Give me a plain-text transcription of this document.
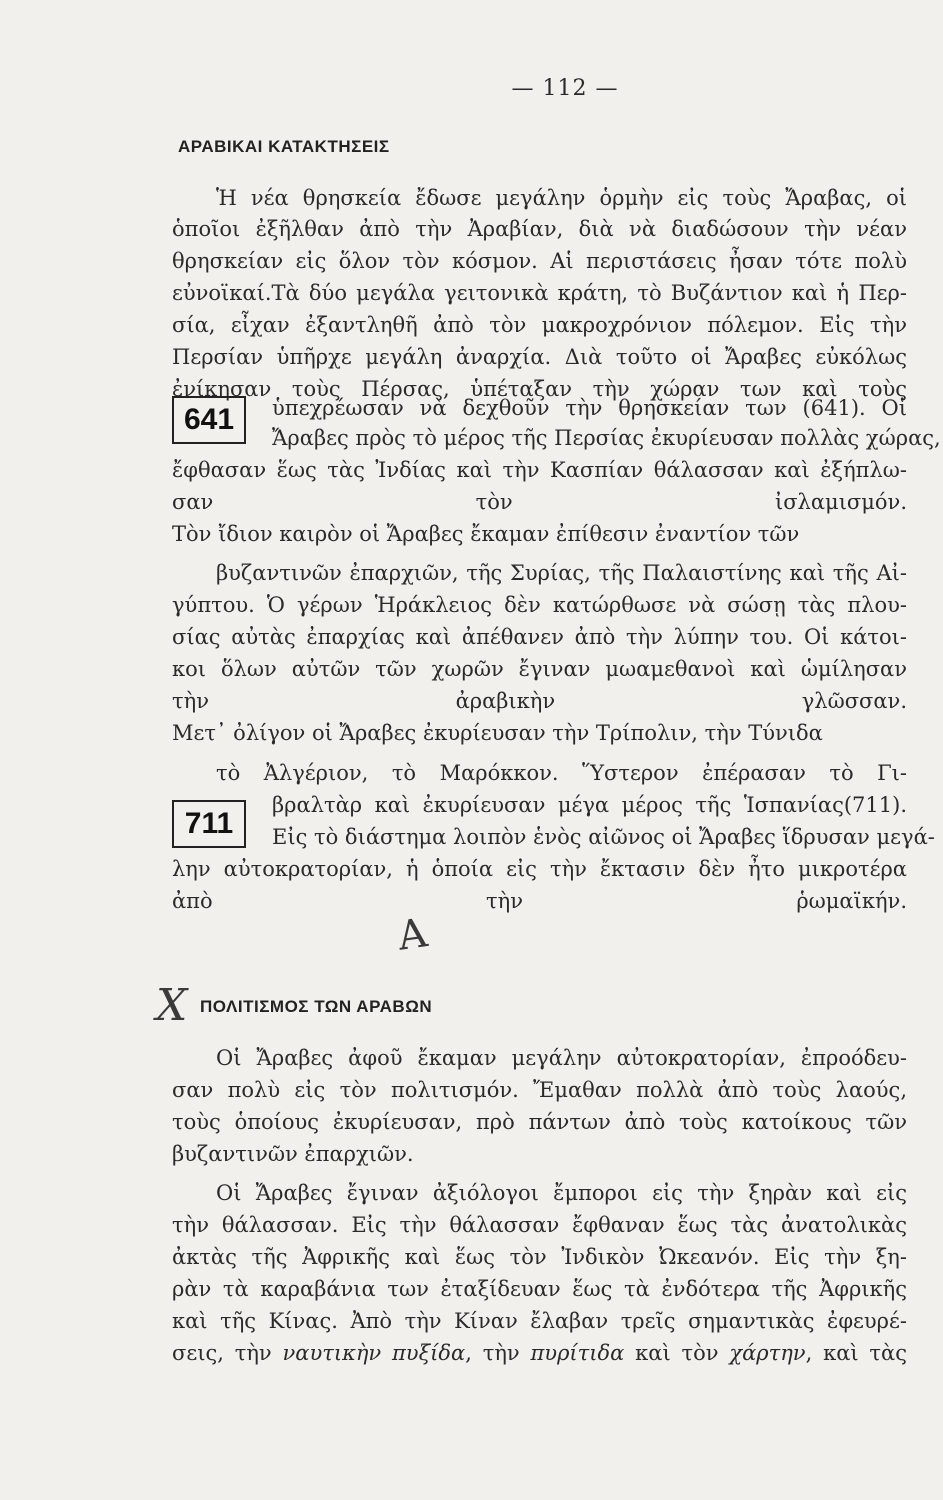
— 112 —
ΑΡΑΒΙΚΑΙ ΚΑΤΑΚΤΗΣΕΙΣ
Ἡ νέα θρησκεία ἔδωσε μεγάλην ὁρμὴν εἰς τοὺς Ἄραβας, οἱ
ὁποῖοι ἐξῆλθαν ἀπὸ τὴν Ἀραβίαν, διὰ νὰ διαδώσουν τὴν νέαν
θρησκείαν εἰς ὅλον τὸν κόσμον. Αἱ περιστάσεις ἦσαν τότε πολὺ
εὐνοϊκαί.Τὰ δύο μεγάλα γειτονικὰ κράτη, τὸ Βυζάντιον καὶ ἡ Περ-
σία, εἶχαν ἐξαντληθῆ ἀπὸ τὸν μακροχρόνιον πόλεμον. Εἰς τὴν
Περσίαν ὑπῆρχε μεγάλη ἀναρχία. Διὰ τοῦτο οἱ Ἄραβες εὐκόλως
ἐνίκησαν τοὺς Πέρσας, ὑπέταξαν τὴν χώραν των καὶ τοὺς
641	ὑπεχρέωσαν νὰ δεχθοῦν τὴν θρησκείαν των (641). Οἱ
Ἄραβες πρὸς τὸ μέρος τῆς Περσίας ἐκυρίευσαν πολλὰς χώρας,
ἔφθασαν ἕως τὰς Ἰνδίας καὶ τὴν Κασπίαν θάλασσαν καὶ ἐξήπλω-
σαν τὸν ἰσλαμισμόν.
Τὸν ἴδιον καιρὸν οἱ Ἄραβες ἔκαμαν ἐπίθεσιν ἐναντίον τῶν
βυζαντινῶν ἐπαρχιῶν, τῆς Συρίας, τῆς Παλαιστίνης καὶ τῆς Αἰ-
γύπτου. Ὁ γέρων Ἡράκλειος δὲν κατώρθωσε νὰ σώσῃ τὰς πλου-
σίας αὐτὰς ἐπαρχίας καὶ ἀπέθανεν ἀπὸ τὴν λύπην του. Οἱ κάτοι-
κοι ὅλων αὐτῶν τῶν χωρῶν ἔγιναν μωαμεθανοὶ καὶ ὡμίλησαν
τὴν ἀραβικὴν γλῶσσαν.
Μετ᾽ ὀλίγον οἱ Ἄραβες ἐκυρίευσαν τὴν Τρίπολιν, τὴν Τύνιδα
τὸ Ἀλγέριον, τὸ Μαρόκκον. Ὕστερον ἐπέρασαν τὸ Γι-
711
βραλτὰρ καὶ ἐκυρίευσαν μέγα μέρος τῆς Ἱσπανίας(711).
Εἰς τὸ διάστημα λοιπὸν ἑνὸς αἰῶνος οἱ Ἄραβες ἵδρυσαν μεγά-
λην αὐτοκρατορίαν, ἡ ὁποία εἰς τὴν ἔκτασιν δὲν ἦτο μικροτέρα
ἀπὸ τὴν ῥωμαϊκήν.
Α
Χ ΠΟΛΙΤΙΣΜΟΣ ΤΩΝ ΑΡΑΒΩΝ
Οἱ Ἄραβες ἀφοῦ ἔκαμαν μεγάλην αὐτοκρατορίαν, ἐπροόδευ-
σαν πολὺ εἰς τὸν πολιτισμόν. Ἔμαθαν πολλὰ ἀπὸ τοὺς λαούς,
τοὺς ὁποίους ἐκυρίευσαν, πρὸ πάντων ἀπὸ τοὺς κατοίκους τῶν
βυζαντινῶν ἐπαρχιῶν.
Οἱ Ἄραβες ἔγιναν ἀξιόλογοι ἔμποροι εἰς τὴν ξηρὰν καὶ εἰς
τὴν θάλασσαν. Εἰς τὴν θάλασσαν ἔφθαναν ἕως τὰς ἀνατολικὰς
ἀκτὰς τῆς Ἀφρικῆς καὶ ἕως τὸν Ἰνδικὸν Ὠκεανόν. Εἰς τὴν ξη-
ρὰν τὰ καραβάνια των ἐταξίδευαν ἕως τὰ ἐνδότερα τῆς Ἀφρικῆς
καὶ τῆς Κίνας. Ἀπὸ τὴν Κίναν ἔλαβαν τρεῖς σημαντικὰς ἐφευρέ-
σεις, τὴν ναυτικὴν πυξίδα, τὴν πυρίτιδα καὶ τὸν χάρτην, καὶ τὰς
